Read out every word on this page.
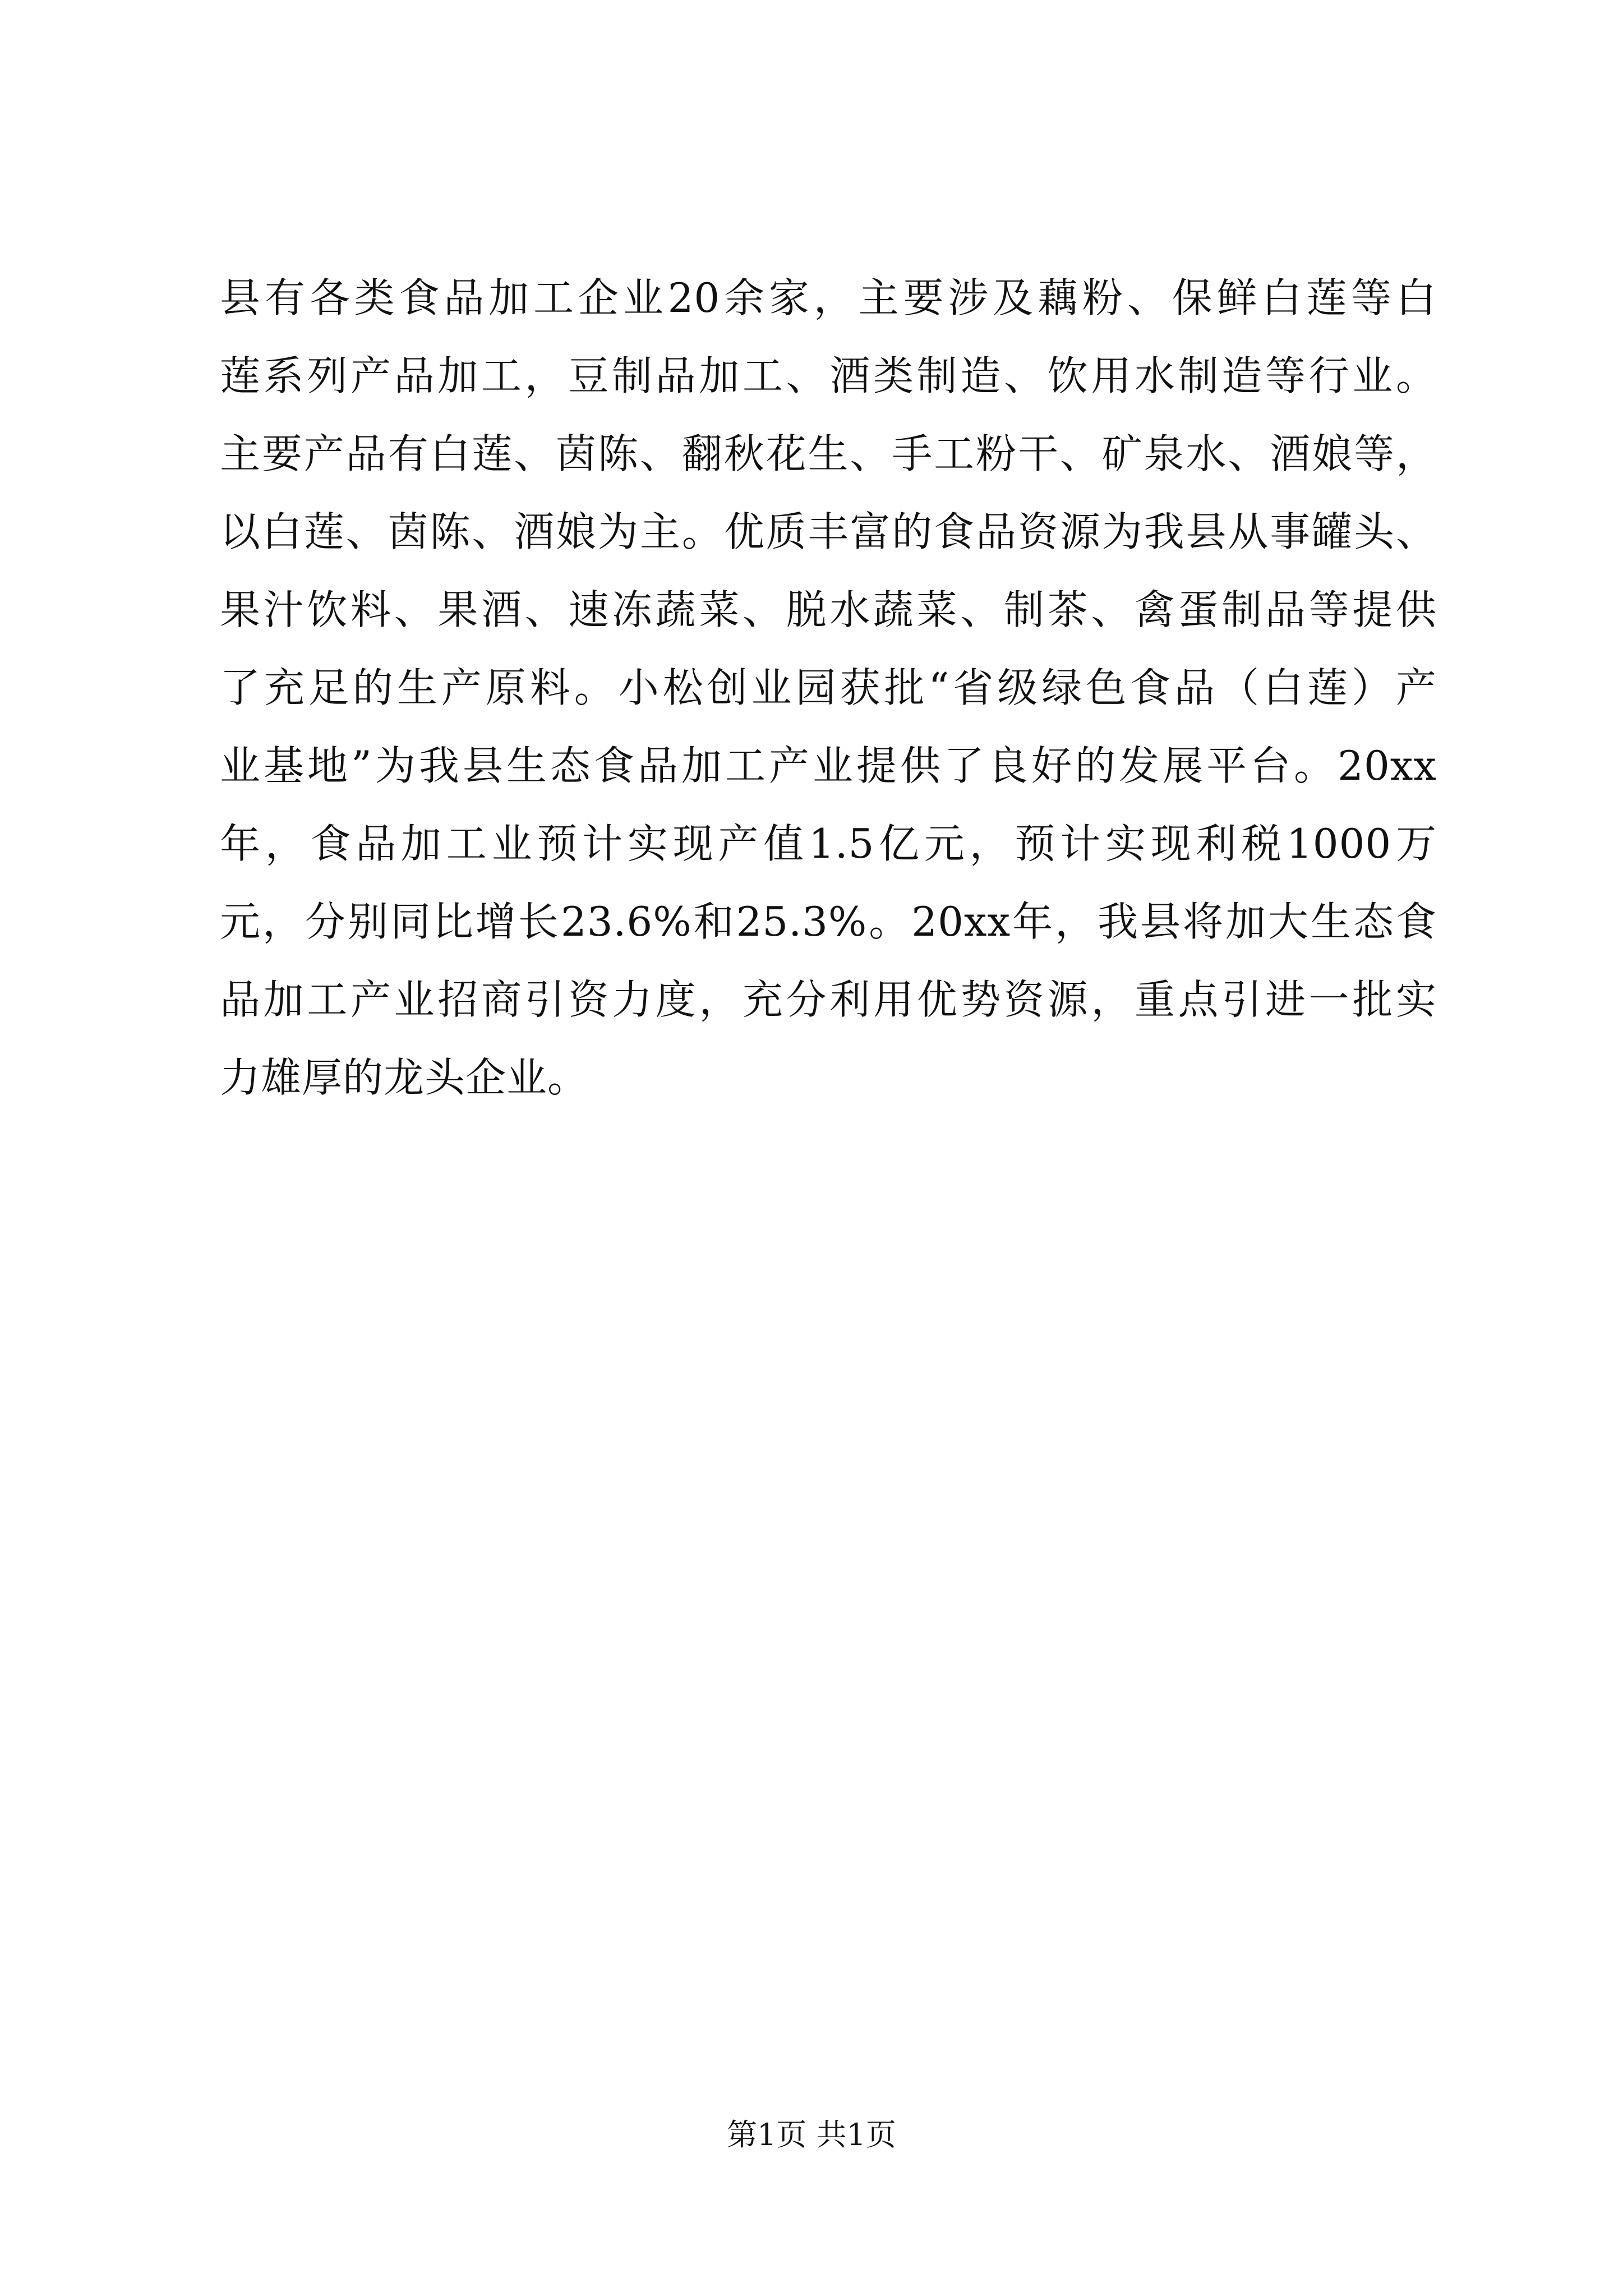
县有各类食品加工企业20余家，主要涉及藕粉、保鲜白莲等白
莲系列产品加工，豆制品加工、酒类制造、饮用水制造等行业。
主要产品有白莲、茵陈、翻秋花生、手工粉干、矿泉水、酒娘等，
以白莲、茵陈、酒娘为主。优质丰富的食品资源为我县从事罐头、
果汁饮料、果酒、速冻蔬菜、脱水蔬菜、制茶、禽蛋制品等提供
了充足的生产原料。小松创业园获批“省级绿色食品（白莲）产
业基地”为我县生态食品加工产业提供了良好的发展平台。20xx
年，食品加工业预计实现产值1.5亿元，预计实现利税1000万
元，分别同比增长23.6%和25.3%。20xx年，我县将加大生态食
品加工产业招商引资力度，充分利用优势资源，重点引进一批实
力雄厚的龙头企业。
第1页 共1页
